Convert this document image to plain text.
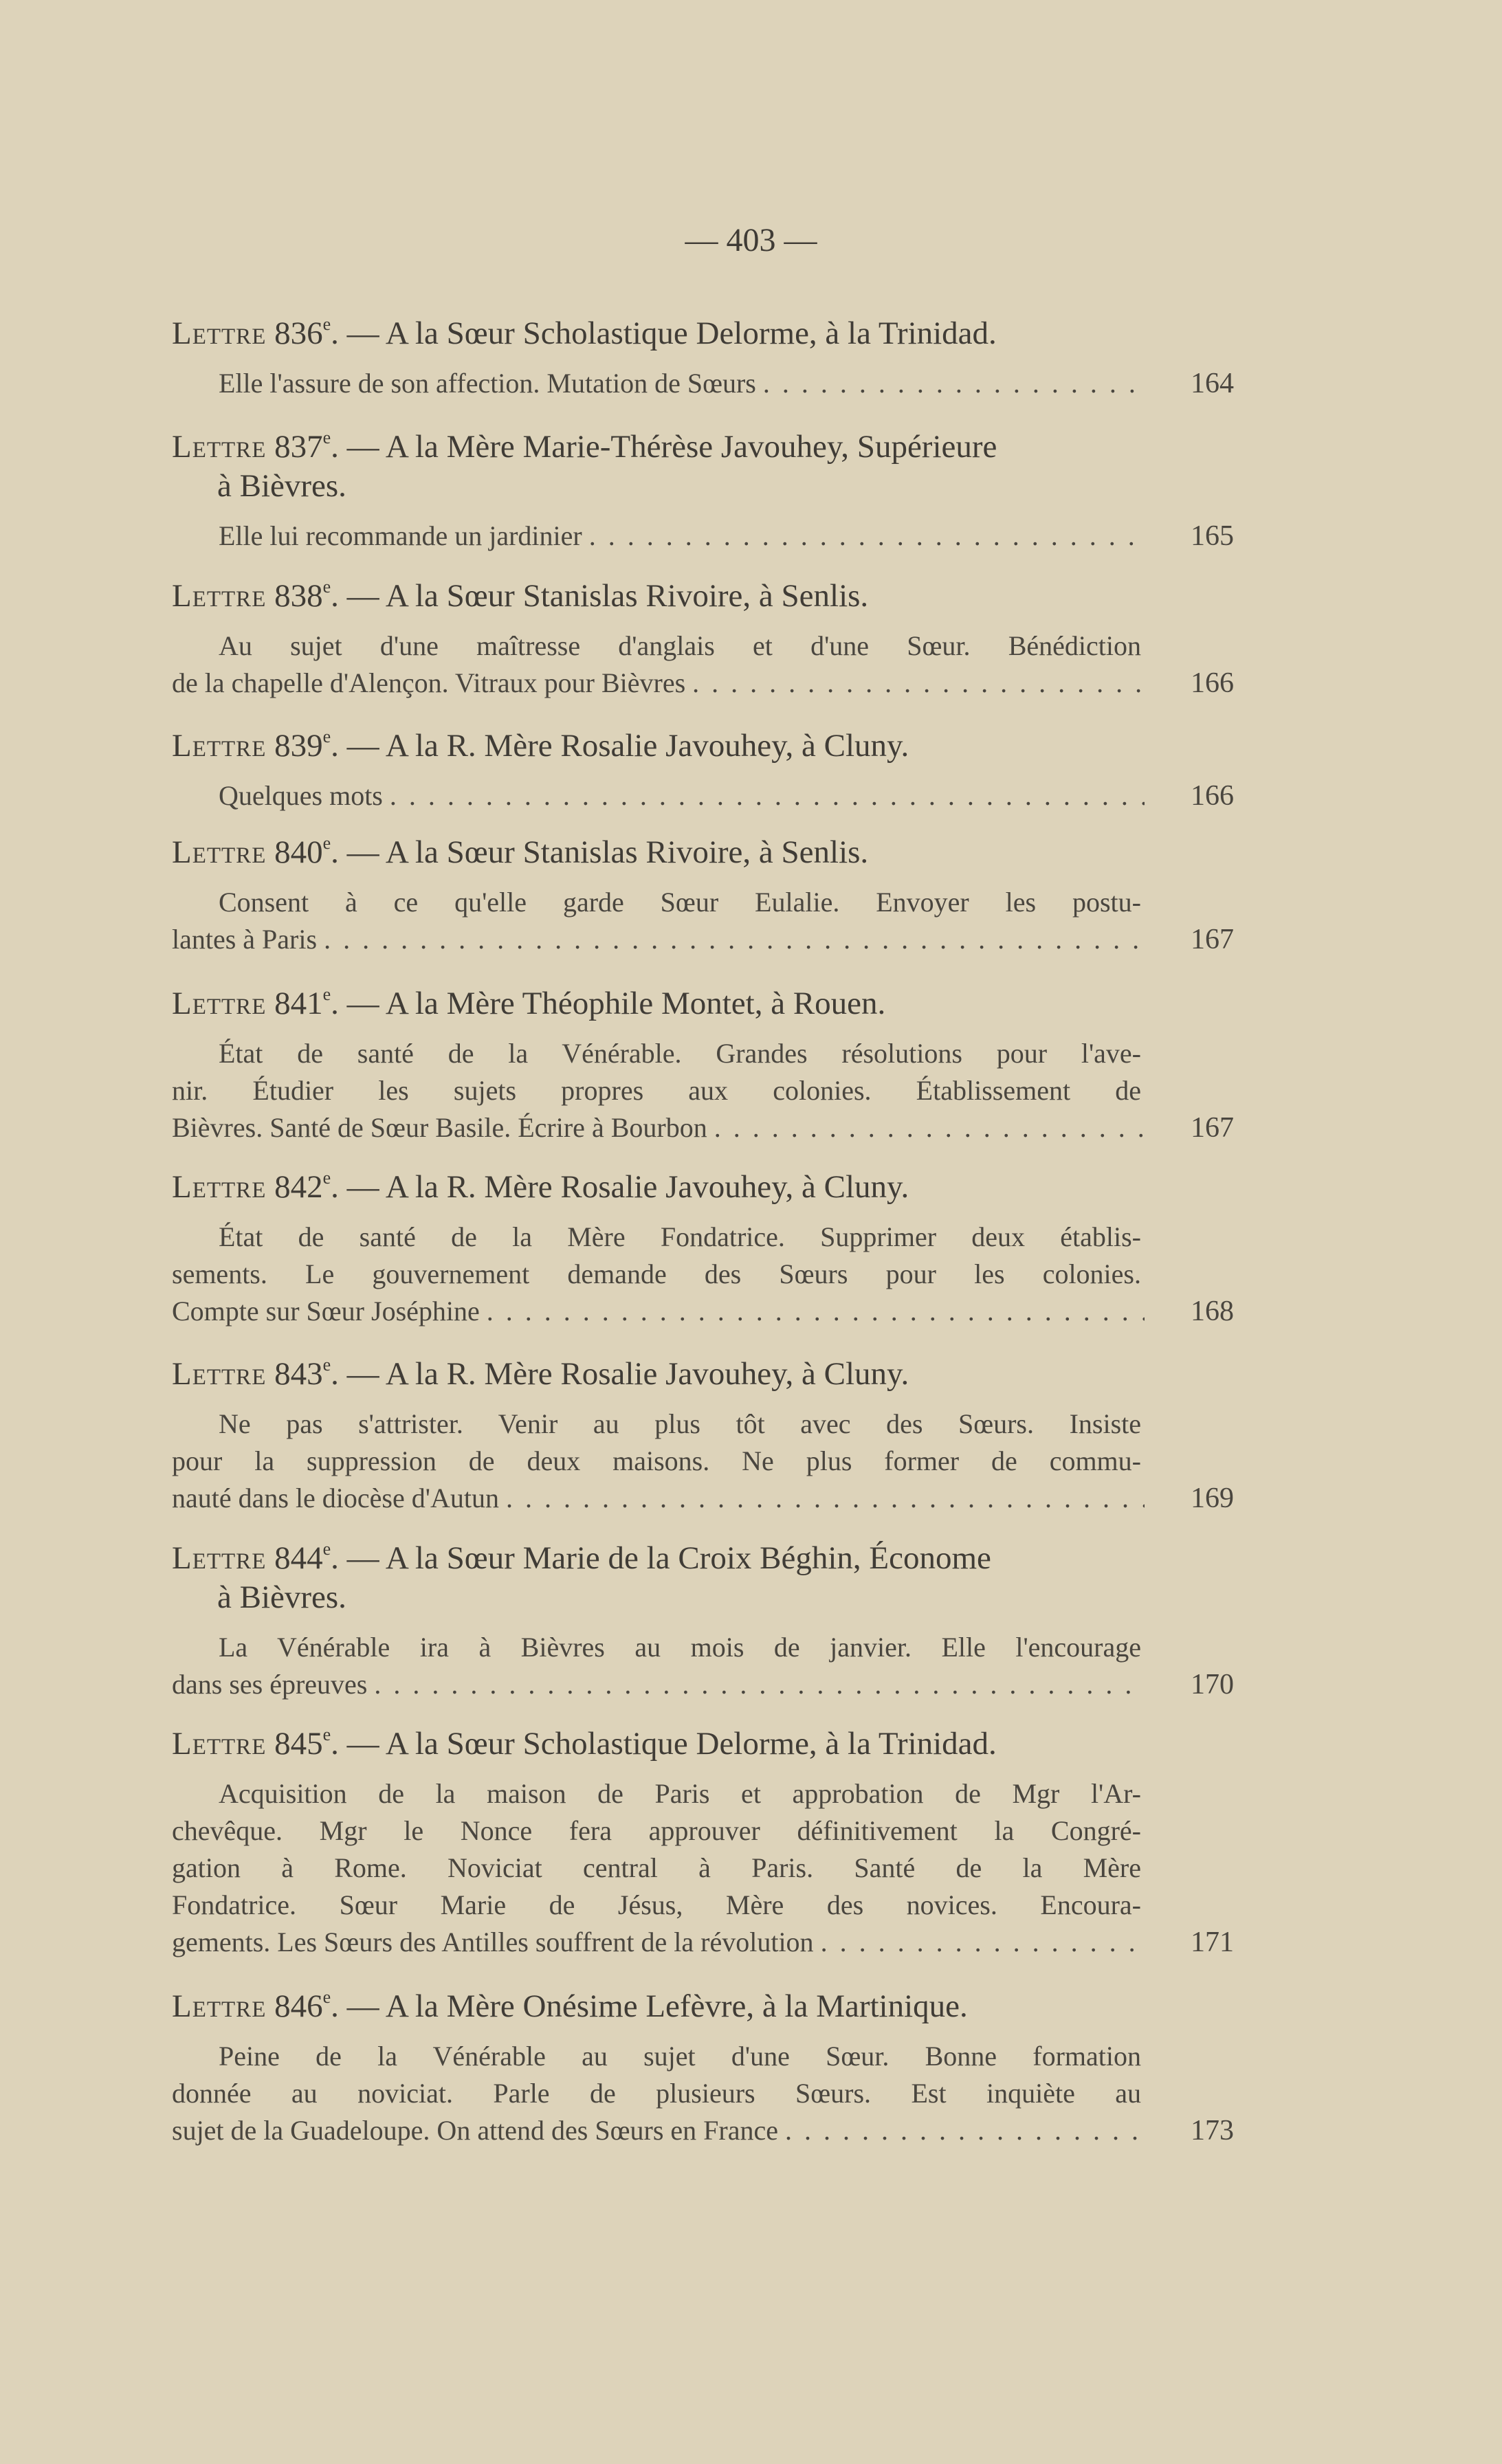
— 403 —
Lettre 836e. — A la Sœur Scholastique Delorme, à la Trinidad.
Elle l'assure de son affection. Mutation de Sœurs . . .	164
Lettre 837e. — A la Mère Marie-Thérèse Javouhey, Supérieure
à Bièvres.
Elle lui recommande un jardinier . . .	165
Lettre 838e. — A la Sœur Stanislas Rivoire, à Senlis.
Au sujet d'une maîtresse d'anglais et d'une Sœur. Bénédiction
de la chapelle d'Alençon. Vitraux pour Bièvres . . .	166
Lettre 839e. — A la R. Mère Rosalie Javouhey, à Cluny.
Quelques mots . . .	166
Lettre 840e. — A la Sœur Stanislas Rivoire, à Senlis.
Consent à ce qu'elle garde Sœur Eulalie. Envoyer les postu-
lantes à Paris . . .	167
Lettre 841e. — A la Mère Théophile Montet, à Rouen.
État de santé de la Vénérable. Grandes résolutions pour l'ave-
nir. Étudier les sujets propres aux colonies. Établissement de
Bièvres. Santé de Sœur Basile. Écrire à Bourbon . . .	167
Lettre 842e. — A la R. Mère Rosalie Javouhey, à Cluny.
État de santé de la Mère Fondatrice. Supprimer deux établis-
sements. Le gouvernement demande des Sœurs pour les colonies.
Compte sur Sœur Joséphine . . .	168
Lettre 843e. — A la R. Mère Rosalie Javouhey, à Cluny.
Ne pas s'attrister. Venir au plus tôt avec des Sœurs. Insiste
pour la suppression de deux maisons. Ne plus former de commu-
nauté dans le diocèse d'Autun . . .	169
Lettre 844e. — A la Sœur Marie de la Croix Béghin, Économe
à Bièvres.
La Vénérable ira à Bièvres au mois de janvier. Elle l'encourage
dans ses épreuves . . .	170
Lettre 845e. — A la Sœur Scholastique Delorme, à la Trinidad.
Acquisition de la maison de Paris et approbation de Mgr l'Ar-
chevêque. Mgr le Nonce fera approuver définitivement la Congré-
gation à Rome. Noviciat central à Paris. Santé de la Mère
Fondatrice. Sœur Marie de Jésus, Mère des novices. Encoura-
gements. Les Sœurs des Antilles souffrent de la révolution . . .	171
Lettre 846e. — A la Mère Onésime Lefèvre, à la Martinique.
Peine de la Vénérable au sujet d'une Sœur. Bonne formation
donnée au noviciat. Parle de plusieurs Sœurs. Est inquiète au
sujet de la Guadeloupe. On attend des Sœurs en France . . .	173
